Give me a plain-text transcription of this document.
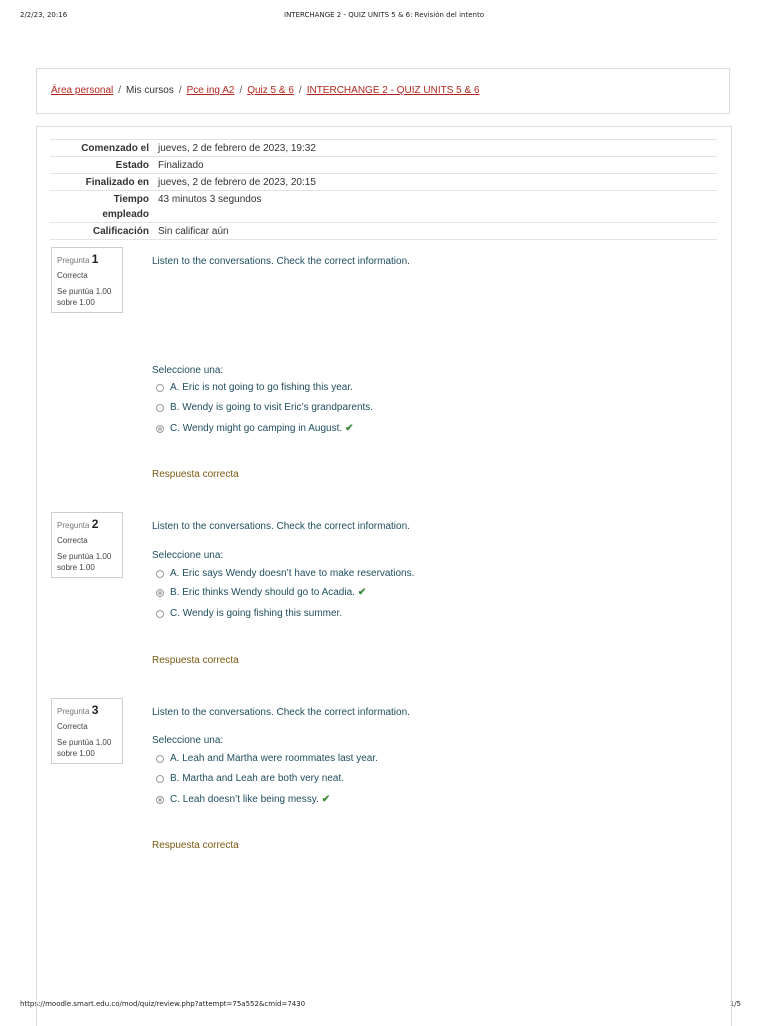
2/2/23, 20:16	INTERCHANGE 2 - QUIZ UNITS 5 & 6: Revisión del intento
https://moodle.smart.edu.co/mod/quiz/review.php?attempt=75a552&cmid=7430	1/5
Área personal / Mis cursos / Pce ing A2 / Quiz 5 & 6 / INTERCHANGE 2 - QUIZ UNITS 5 & 6
Comenzado el jueves, 2 de febrero de 2023, 19:32
Estado Finalizado
Finalizado en jueves, 2 de febrero de 2023, 20:15
Tiempo
empleado
43 minutos 3 segundos
Calificación Sin calificar aún
Pregunta 1
Correcta
Se puntúa 1.00
sobre 1.00
Listen to the conversations. Check the correct information.
Seleccione una:
A. Eric is not going to go fishing this year.
B. Wendy is going to visit Eric’s grandparents.
C. Wendy might go camping in August. ✔
Respuesta correcta
Pregunta 2
Correcta
Se puntúa 1.00
sobre 1.00
Listen to the conversations. Check the correct information.
Seleccione una:
A. Eric says Wendy doesn’t have to make reservations.
B. Eric thinks Wendy should go to Acadia. ✔
C. Wendy is going fishing this summer.
Respuesta correcta
Pregunta 3
Correcta
Se puntúa 1.00
sobre 1.00
Listen to the conversations. Check the correct information.
Seleccione una:
A. Leah and Martha were roommates last year.
B. Martha and Leah are both very neat.
C. Leah doesn’t like being messy. ✔
Respuesta correcta
